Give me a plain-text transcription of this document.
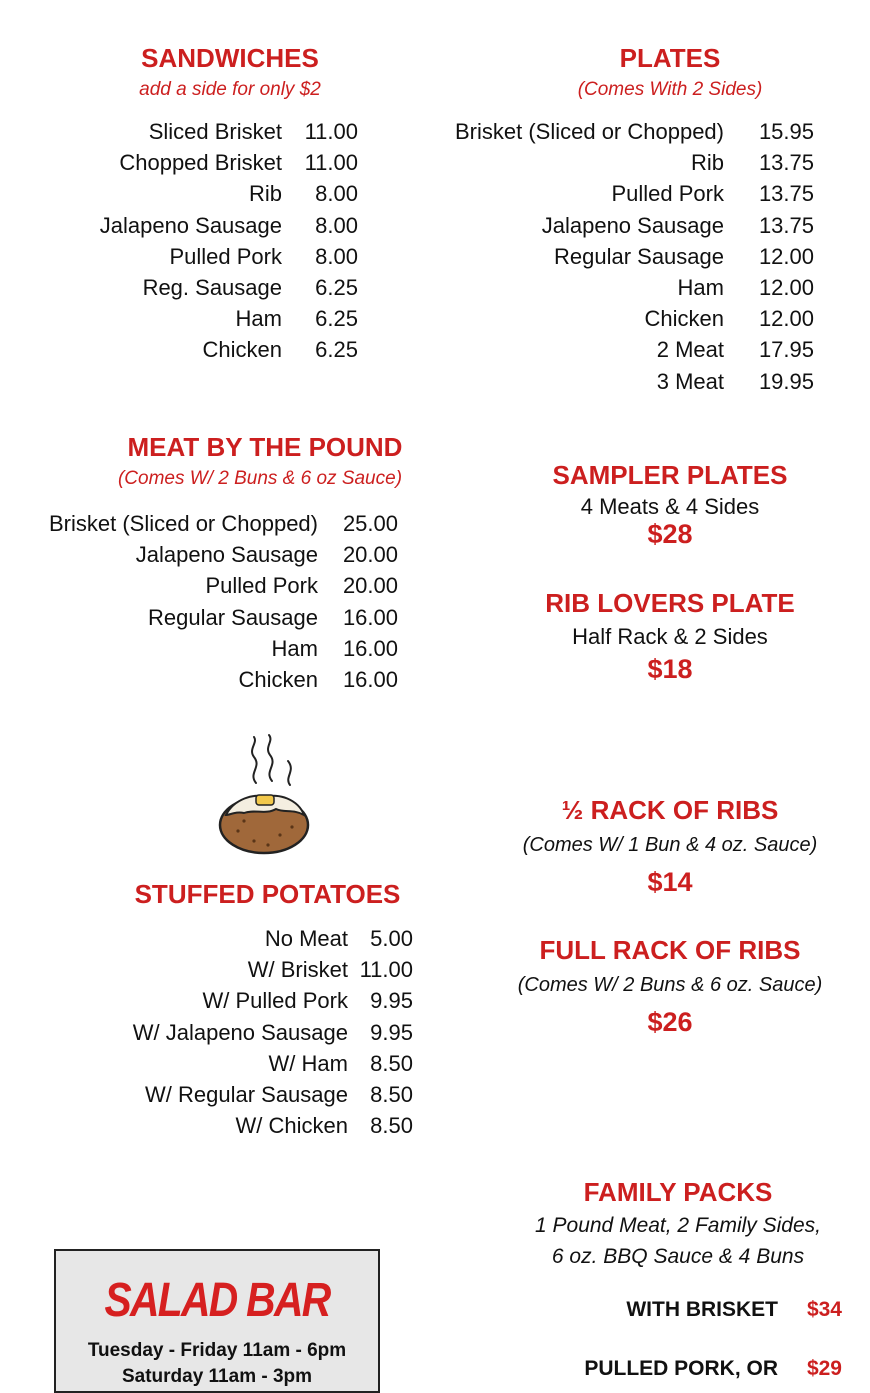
SANDWICHES
add a side for only $2
Sliced Brisket 11.00
Chopped Brisket 11.00
Rib 8.00
Jalapeno Sausage 8.00
Pulled Pork 8.00
Reg. Sausage 6.25
Ham 6.25
Chicken 6.25
PLATES
(Comes With 2 Sides)
Brisket (Sliced or Chopped) 15.95
Rib 13.75
Pulled Pork 13.75
Jalapeno Sausage 13.75
Regular Sausage 12.00
Ham 12.00
Chicken 12.00
2 Meat 17.95
3 Meat 19.95
MEAT BY THE POUND
(Comes W/ 2 Buns & 6 oz Sauce)
Brisket (Sliced or Chopped) 25.00
Jalapeno Sausage 20.00
Pulled Pork 20.00
Regular Sausage 16.00
Ham 16.00
Chicken 16.00
SAMPLER PLATES
4 Meats & 4 Sides
$28
RIB LOVERS PLATE
Half Rack & 2 Sides
$18
STUFFED POTATOES
No Meat 5.00
W/ Brisket 11.00
W/ Pulled Pork 9.95
W/ Jalapeno Sausage 9.95
W/ Ham 8.50
W/ Regular Sausage 8.50
W/ Chicken 8.50
½ RACK OF RIBS
(Comes W/ 1 Bun & 4 oz. Sauce)
$14
FULL RACK OF RIBS
(Comes W/ 2 Buns & 6 oz. Sauce)
$26
FAMILY PACKS
1 Pound Meat, 2 Family Sides,
6 oz. BBQ Sauce & 4 Buns
WITH BRISKET $34
PULLED PORK, OR $29
SALAD BAR
Tuesday - Friday 11am - 6pm
Saturday 11am - 3pm
